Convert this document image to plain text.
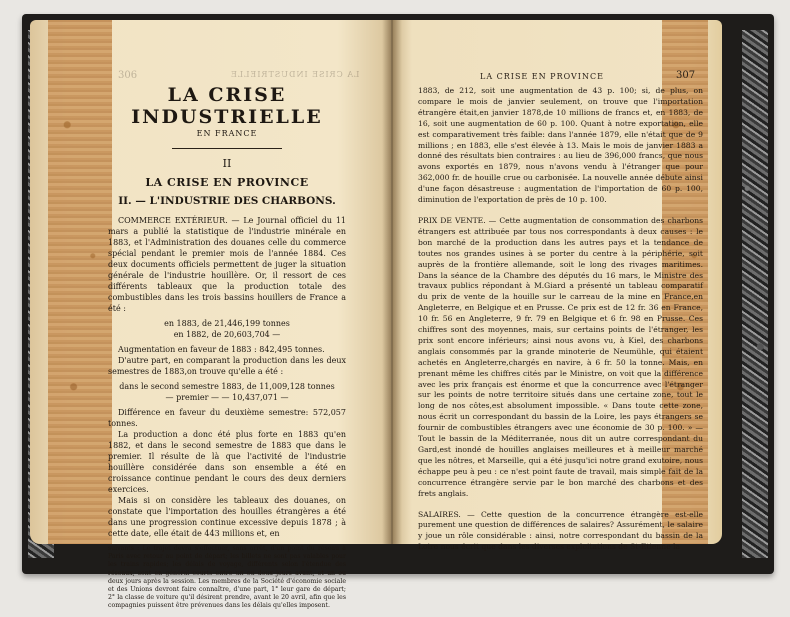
LA CRISE INDUSTRIELLE
306
LA CRISE INDUSTRIELLE
EN FRANCE
II
LA CRISE EN PROVINCE
II. — L'INDUSTRIE DES CHARBONS.

COMMERCE EXTÉRIEUR. — Le Journal officiel du 11 mars a publié la statistique de l'industrie minérale en 1883, et l'Administration des douanes celle du commerce spécial pendant le premier mois de l'année 1884. Ces deux documents officiels permettent de juger la situation générale de l'industrie houillère. Or, il ressort de ces différents tableaux que la production totale des combustibles dans les trois bassins houillers de France a été :

en 1883, de 21,446,199 tonnes

en 1882, de 20,603,704 —

Augmentation en faveur de 1883 : 842,495 tonnes.

D'autre part, en comparant la production dans les deux semestres de 1883,on trouve qu'elle a été :

dans le second semestre 1883, de 11,009,128 tonnes

— premier — — 10,437,071 —

Différence en faveur du deuxième semestre: 572,057 tonnes.

La production a donc été plus forte en 1883 qu'en 1882, et dans le second semestre de 1883 que dans le premier. Il résulte de là que l'activité de l'industrie houillère considérée dans son ensemble a été en croissance continue pendant le cours des deux derniers exercices.

Mais si on considère les tableaux des douanes, on constate que l'importation des houilles étrangères a été dans une progression continue excessive depuis 1878 ; à cette date, elle était de 443 millions et, en

suivants : Le trajet devra s'effectuer, sans arrêt, d'un point du réseau à Paris avec retour au point de départ; les billets ne sont pas valables pour les trains rapides; les délais de voyage, différents selon l'étendue des réseaux, sont en général courts entre un ou deux jours avant, et un ou deux jours après la session. Les membres de la Société d'économie sociale et des Unions devront faire connaître, d'une part, 1° leur gare de départ; 2° la classe de voiture qu'il désirent prendre, avant le 20 avril, afin que les compagnies puissent être prévenues dans les délais qu'elles imposent.

LA CRISE EN PROVINCE	307

1883, de 212, soit une augmentation de 43 p. 100; si, de plus, on compare le mois de janvier seulement, on trouve que l'importation étrangère était,en janvier 1878,de 10 millions de francs et, en 1883, de 16, soit une augmentation de 60 p. 100. Quant à notre exportation, elle est comparativement très faible: dans l'année 1879, elle n'était que de 9 millions ; en 1883, elle s'est élevée à 13. Mais le mois de janvier 1883 a donné des résultats bien contraires : au lieu de 396,000 francs, que nous avons exportés en 1879, nous n'avons vendu à l'étranger que pour 362,000 fr. de houille crue ou carbonisée. La nouvelle année débute ainsi d'une façon désastreuse : augmentation de l'importation de 60 p. 100, diminution de l'exportation de près de 10 p. 100.

PRIX DE VENTE. — Cette augmentation de consommation des charbons étrangers est attribuée par tous nos correspondants à deux causes : le bon marché de la production dans les autres pays et la tendance de toutes nos grandes usines à se porter du centre à la périphérie, soit auprès de la frontière allemande, soit le long des rivages maritimes. Dans la séance de la Chambre des députés du 16 mars, le Ministre des travaux publics répondant à M.Giard a présenté un tableau comparatif du prix de vente de la houille sur le carreau de la mine en France,en Angleterre, en Belgique et en Prusse. Ce prix est de 12 fr. 36 en France, 10 fr. 56 en Angleterre, 9 fr. 79 en Belgique et 6 fr. 98 en Prusse. Ces chiffres sont des moyennes, mais, sur certains points de l'étranger, les prix sont encore inférieurs; ainsi nous avons vu, à Kiel, des charbons anglais consommés par la grande minoterie de Neumühle, qui étaient achetés en Angleterre,chargés en navire, à 6 fr. 50 la tonne. Mais, en prenant même les chiffres cités par le Ministre, on voit que la différence avec les prix français est énorme et que la concurrence avec l'étranger sur les points de notre territoire situés dans une certaine zone, tout le long de nos côtes,est absolument impossible. « Dans toute cette zone, nous écrit un correspondant du bassin de la Loire, les pays étrangers se fournir de combustibles étrangers avec une économie de 30 p. 100. » — Tout le bassin de la Méditerranée, nous dit un autre correspondant du Gard,est inondé de houilles anglaises meilleures et à meilleur marché que les nôtres, et Marseille, qui a été jusqu'ici notre grand exutoire, nous échappe peu à peu : ce n'est point faute de travail, mais simple fait de la concurrence étrangère servie par le bon marché des charbons et des frets anglais.

SALAIRES. — Cette question de la concurrence étrangère est-elle purement une question de différences de salaires? Assurément, le salaire y joue un rôle considérable : ainsi, notre correspondant du bassin de la Loire nous écrit que dans les diverses exploitations de St-Etienne la
